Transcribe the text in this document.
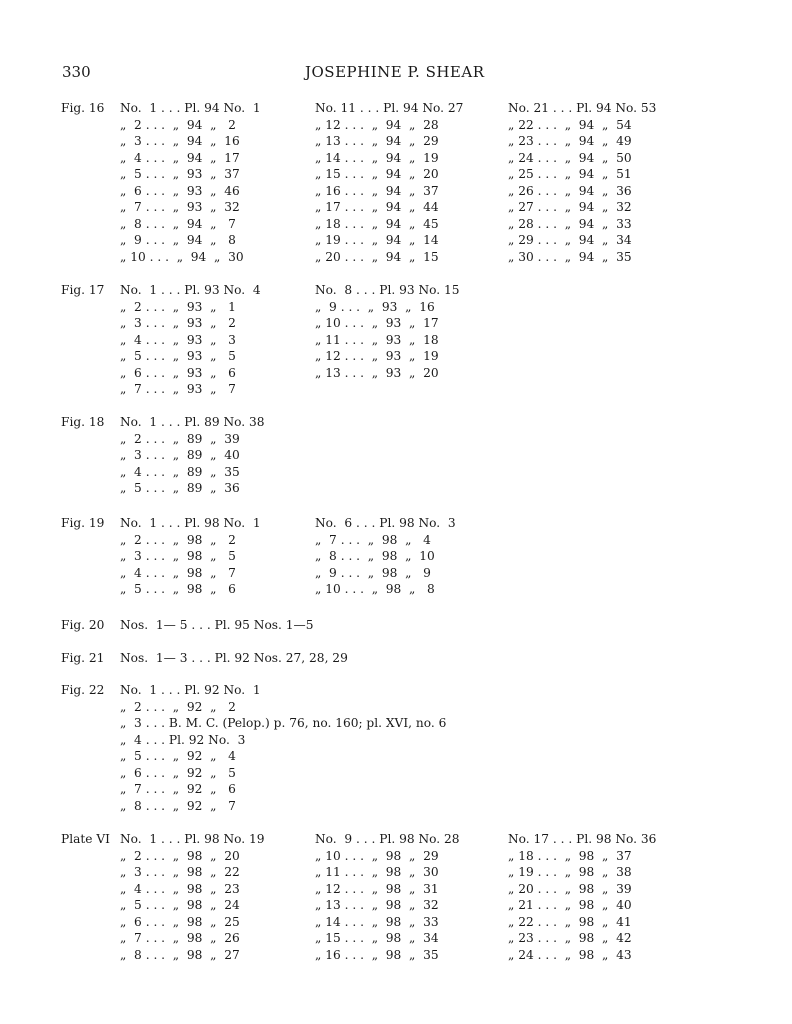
330	JOSEPHINE P. SHEAR
Fig. 16 No.  1 . . . Pl. 94 No.  1
„  2 . . .  „  94  „   2
„  3 . . .  „  94  „  16
„  4 . . .  „  94  „  17
„  5 . . .  „  93  „  37
„  6 . . .  „  93  „  46
„  7 . . .  „  93  „  32
„  8 . . .  „  94  „   7
„  9 . . .  „  94  „   8
„ 10 . . .  „  94  „  30
No. 11 . . . Pl. 94 No. 27
„ 12 . . .  „  94  „  28
„ 13 . . .  „  94  „  29
„ 14 . . .  „  94  „  19
„ 15 . . .  „  94  „  20
„ 16 . . .  „  94  „  37
„ 17 . . .  „  94  „  44
„ 18 . . .  „  94  „  45
„ 19 . . .  „  94  „  14
„ 20 . . .  „  94  „  15
No. 21 . . . Pl. 94 No. 53
„ 22 . . .  „  94  „  54
„ 23 . . .  „  94  „  49
„ 24 . . .  „  94  „  50
„ 25 . . .  „  94  „  51
„ 26 . . .  „  94  „  36
„ 27 . . .  „  94  „  32
„ 28 . . .  „  94  „  33
„ 29 . . .  „  94  „  34
„ 30 . . .  „  94  „  35
Fig. 17 No.  1 . . . Pl. 93 No.  4
„  2 . . .  „  93  „   1
„  3 . . .  „  93  „   2
„  4 . . .  „  93  „   3
„  5 . . .  „  93  „   5
„  6 . . .  „  93  „   6
„  7 . . .  „  93  „   7
No.  8 . . . Pl. 93 No. 15
„  9 . . .  „  93  „  16
„ 10 . . .  „  93  „  17
„ 11 . . .  „  93  „  18
„ 12 . . .  „  93  „  19
„ 13 . . .  „  93  „  20
Fig. 18 No.  1 . . . Pl. 89 No. 38
„  2 . . .  „  89  „  39
„  3 . . .  „  89  „  40
„  4 . . .  „  89  „  35
„  5 . . .  „  89  „  36
Fig. 19 No.  1 . . . Pl. 98 No.  1
„  2 . . .  „  98  „   2
„  3 . . .  „  98  „   5
„  4 . . .  „  98  „   7
„  5 . . .  „  98  „   6
No.  6 . . . Pl. 98 No.  3
„  7 . . .  „  98  „   4
„  8 . . .  „  98  „  10
„  9 . . .  „  98  „   9
„ 10 . . .  „  98  „   8
Fig. 20 Nos.  1— 5 . . . Pl. 95 Nos. 1—5
Fig. 21 Nos.  1— 3 . . . Pl. 92 Nos. 27, 28, 29
Fig. 22 No.  1 . . . Pl. 92 No.  1
„  2 . . .  „  92  „   2
„  3 . . . B. M. C. (Pelop.) p. 76, no. 160; pl. XVI, no. 6
„  4 . . . Pl. 92 No.  3
„  5 . . .  „  92  „   4
„  6 . . .  „  92  „   5
„  7 . . .  „  92  „   6
„  8 . . .  „  92  „   7
Plate VI No.  1 . . . Pl. 98 No. 19
„  2 . . .  „  98  „  20
„  3 . . .  „  98  „  22
„  4 . . .  „  98  „  23
„  5 . . .  „  98  „  24
„  6 . . .  „  98  „  25
„  7 . . .  „  98  „  26
„  8 . . .  „  98  „  27
No.  9 . . . Pl. 98 No. 28
„ 10 . . .  „  98  „  29
„ 11 . . .  „  98  „  30
„ 12 . . .  „  98  „  31
„ 13 . . .  „  98  „  32
„ 14 . . .  „  98  „  33
„ 15 . . .  „  98  „  34
„ 16 . . .  „  98  „  35
No. 17 . . . Pl. 98 No. 36
„ 18 . . .  „  98  „  37
„ 19 . . .  „  98  „  38
„ 20 . . .  „  98  „  39
„ 21 . . .  „  98  „  40
„ 22 . . .  „  98  „  41
„ 23 . . .  „  98  „  42
„ 24 . . .  „  98  „  43
